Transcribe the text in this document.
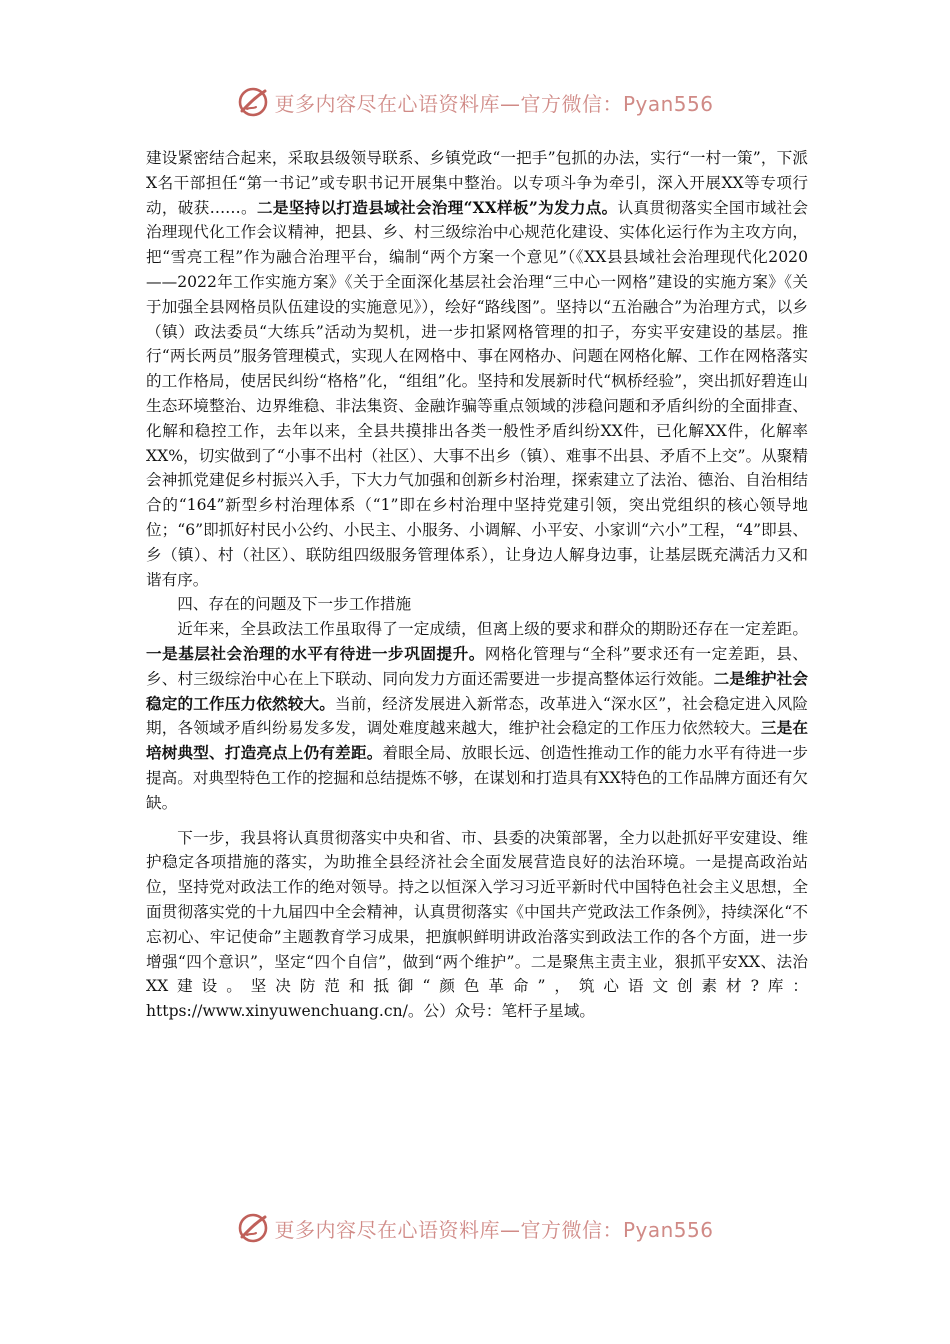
更多内容尽在心语资料库—官方微信：Pyan556

建设紧密结合起来，采取县级领导联系、乡镇党政“一把手”包抓的办法，实行“一村一策”，下派X名干部担任“第一书记”或专职书记开展集中整治。以专项斗争为牵引，深入开展XX等专项行动，破获……。二是坚持以打造县域社会治理“XX样板”为发力点。认真贯彻落实全国市域社会治理现代化工作会议精神，把县、乡、村三级综治中心规范化建设、实体化运行作为主攻方向，把“雪亮工程”作为融合治理平台，编制“两个方案一个意见”（《XX县县域社会治理现代化2020——2022年工作实施方案》《关于全面深化基层社会治理“三中心一网格”建设的实施方案》《关于加强全县网格员队伍建设的实施意见》），绘好“路线图”。坚持以“五治融合”为治理方式，以乡（镇）政法委员“大练兵”活动为契机，进一步扣紧网格管理的扣子，夯实平安建设的基层。推行“两长两员”服务管理模式，实现人在网格中、事在网格办、问题在网格化解、工作在网格落实的工作格局，使居民纠纷“格格”化，“组组”化。坚持和发展新时代“枫桥经验”，突出抓好碧连山生态环境整治、边界维稳、非法集资、金融诈骗等重点领域的涉稳问题和矛盾纠纷的全面排查、化解和稳控工作，去年以来，全县共摸排出各类一般性矛盾纠纷XX件，已化解XX件，化解率XX%，切实做到了“小事不出村（社区）、大事不出乡（镇）、难事不出县、矛盾不上交”。从聚精会神抓党建促乡村振兴入手，下大力气加强和创新乡村治理，探索建立了法治、德治、自治相结合的“164”新型乡村治理体系（“1”即在乡村治理中坚持党建引领，突出党组织的核心领导地位；“6”即抓好村民小公约、小民主、小服务、小调解、小平安、小家训“六小”工程，“4”即县、乡（镇）、村（社区）、联防组四级服务管理体系），让身边人解身边事，让基层既充满活力又和谐有序。

四、存在的问题及下一步工作措施

近年来，全县政法工作虽取得了一定成绩，但离上级的要求和群众的期盼还存在一定差距。一是基层社会治理的水平有待进一步巩固提升。网格化管理与“全科”要求还有一定差距，县、乡、村三级综治中心在上下联动、同向发力方面还需要进一步提高整体运行效能。二是维护社会稳定的工作压力依然较大。当前，经济发展进入新常态，改革进入“深水区”，社会稳定进入风险期，各领域矛盾纠纷易发多发，调处难度越来越大，维护社会稳定的工作压力依然较大。三是在培树典型、打造亮点上仍有差距。着眼全局、放眼长远、创造性推动工作的能力水平有待进一步提高。对典型特色工作的挖掘和总结提炼不够，在谋划和打造具有XX特色的工作品牌方面还有欠缺。

下一步，我县将认真贯彻落实中央和省、市、县委的决策部署，全力以赴抓好平安建设、维护稳定各项措施的落实，为助推全县经济社会全面发展营造良好的法治环境。一是提高政治站位，坚持党对政法工作的绝对领导。持之以恒深入学习习近平新时代中国特色社会主义思想，全面贯彻落实党的十九届四中全会精神，认真贯彻落实《中国共产党政法工作条例》，持续深化“不忘初心、牢记使命”主题教育学习成果，把旗帜鲜明讲政治落实到政法工作的各个方面，进一步增强“四个意识”，坚定“四个自信”，做到“两个维护”。二是聚焦主责主业，狠抓平安XX、法治XX建设。坚决防范和抵御“颜色革命”，筑心语文创素材?库：https://www.xinyuwenchuang.cn/。公）众号：笔杆子星域。

更多内容尽在心语资料库—官方微信：Pyan556
